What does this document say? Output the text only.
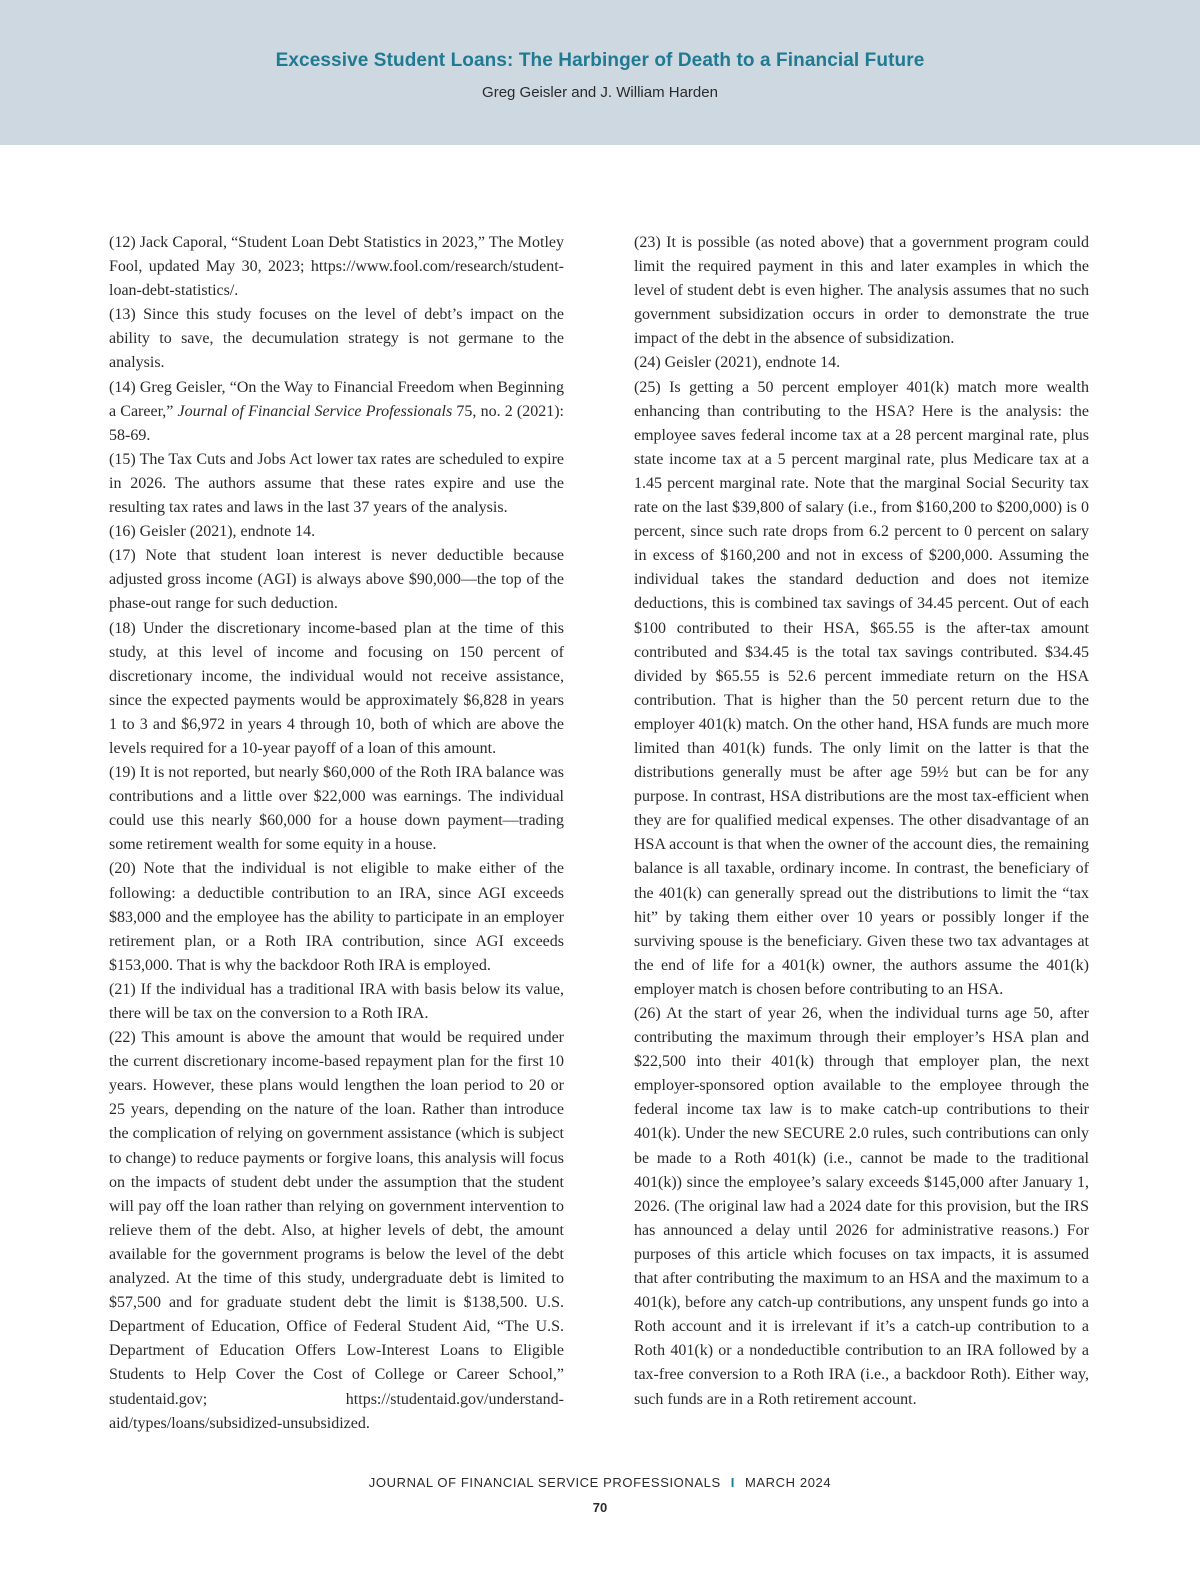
Excessive Student Loans: The Harbinger of Death to a Financial Future
Greg Geisler and J. William Harden

(12) Jack Caporal, “Student Loan Debt Statistics in 2023,” The Motley Fool, updated May 30, 2023; https://www.fool.com/research/student-loan-debt-statistics/.

(13) Since this study focuses on the level of debt’s impact on the ability to save, the decumulation strategy is not germane to the analysis.

(14) Greg Geisler, “On the Way to Financial Freedom when Beginning a Career,” Journal of Financial Service Professionals 75, no. 2 (2021): 58-69.

(15) The Tax Cuts and Jobs Act lower tax rates are scheduled to expire in 2026. The authors assume that these rates expire and use the resulting tax rates and laws in the last 37 years of the analysis.

(16) Geisler (2021), endnote 14.

(17) Note that student loan interest is never deductible because adjusted gross income (AGI) is always above $90,000—the top of the phase-out range for such deduction.

(18) Under the discretionary income-based plan at the time of this study, at this level of income and focusing on 150 percent of discretionary income, the individual would not receive assistance, since the expected payments would be approximately $6,828 in years 1 to 3 and $6,972 in years 4 through 10, both of which are above the levels required for a 10-year payoff of a loan of this amount.

(19) It is not reported, but nearly $60,000 of the Roth IRA balance was contributions and a little over $22,000 was earnings. The individual could use this nearly $60,000 for a house down payment—trading some retirement wealth for some equity in a house.

(20) Note that the individual is not eligible to make either of the following: a deductible contribution to an IRA, since AGI exceeds $83,000 and the employee has the ability to participate in an employer retirement plan, or a Roth IRA contribution, since AGI exceeds $153,000. That is why the backdoor Roth IRA is employed.

(21) If the individual has a traditional IRA with basis below its value, there will be tax on the conversion to a Roth IRA.

(22) This amount is above the amount that would be required under the current discretionary income-based repayment plan for the first 10 years. However, these plans would lengthen the loan period to 20 or 25 years, depending on the nature of the loan. Rather than introduce the complication of relying on government assistance (which is subject to change) to reduce payments or forgive loans, this analysis will focus on the impacts of student debt under the assumption that the student will pay off the loan rather than relying on government intervention to relieve them of the debt. Also, at higher levels of debt, the amount available for the government programs is below the level of the debt analyzed. At the time of this study, undergraduate debt is limited to $57,500 and for graduate student debt the limit is $138,500. U.S. Department of Education, Office of Federal Student Aid, “The U.S. Department of Education Offers Low-Interest Loans to Eligible Students to Help Cover the Cost of College or Career School,” studentaid.gov; https://studentaid.gov/understand-aid/types/loans/subsidized-unsubsidized.

(23) It is possible (as noted above) that a government program could limit the required payment in this and later examples in which the level of student debt is even higher. The analysis assumes that no such government subsidization occurs in order to demonstrate the true impact of the debt in the absence of subsidization.

(24) Geisler (2021), endnote 14.

(25) Is getting a 50 percent employer 401(k) match more wealth enhancing than contributing to the HSA? Here is the analysis: the employee saves federal income tax at a 28 percent marginal rate, plus state income tax at a 5 percent marginal rate, plus Medicare tax at a 1.45 percent marginal rate. Note that the marginal Social Security tax rate on the last $39,800 of salary (i.e., from $160,200 to $200,000) is 0 percent, since such rate drops from 6.2 percent to 0 percent on salary in excess of $160,200 and not in excess of $200,000. Assuming the individual takes the standard deduction and does not itemize deductions, this is combined tax savings of 34.45 percent. Out of each $100 contributed to their HSA, $65.55 is the after-tax amount contributed and $34.45 is the total tax savings contributed. $34.45 divided by $65.55 is 52.6 percent immediate return on the HSA contribution. That is higher than the 50 percent return due to the employer 401(k) match. On the other hand, HSA funds are much more limited than 401(k) funds. The only limit on the latter is that the distributions generally must be after age 59½ but can be for any purpose. In contrast, HSA distributions are the most tax-efficient when they are for qualified medical expenses. The other disadvantage of an HSA account is that when the owner of the account dies, the remaining balance is all taxable, ordinary income. In contrast, the beneficiary of the 401(k) can generally spread out the distributions to limit the “tax hit” by taking them either over 10 years or possibly longer if the surviving spouse is the beneficiary. Given these two tax advantages at the end of life for a 401(k) owner, the authors assume the 401(k) employer match is chosen before contributing to an HSA.

(26) At the start of year 26, when the individual turns age 50, after contributing the maximum through their employer’s HSA plan and $22,500 into their 401(k) through that employer plan, the next employer-sponsored option available to the employee through the federal income tax law is to make catch-up contributions to their 401(k). Under the new SECURE 2.0 rules, such contributions can only be made to a Roth 401(k) (i.e., cannot be made to the traditional 401(k)) since the employee’s salary exceeds $145,000 after January 1, 2026. (The original law had a 2024 date for this provision, but the IRS has announced a delay until 2026 for administrative reasons.) For purposes of this article which focuses on tax impacts, it is assumed that after contributing the maximum to an HSA and the maximum to a 401(k), before any catch-up contributions, any unspent funds go into a Roth account and it is irrelevant if it’s a catch-up contribution to a Roth 401(k) or a nondeductible contribution to an IRA followed by a tax-free conversion to a Roth IRA (i.e., a backdoor Roth). Either way, such funds are in a Roth retirement account.

JOURNAL OF FINANCIAL SERVICE PROFESSIONALS I MARCH 2024
70
